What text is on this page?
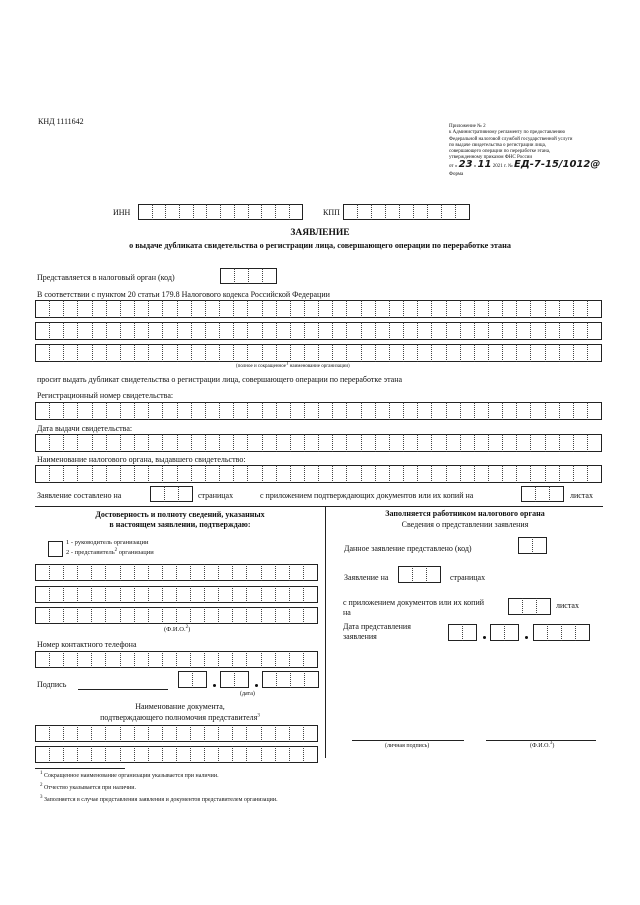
КНД 1111642
Приложение № 2
к Административному регламенту по предоставлению
Федеральной налоговой службой государственной услуги
по выдаче свидетельства о регистрации лица,
совершающего операции по переработке этана,
утвержденному приказом ФНС России
от « 23 » 11 2021 г. № ЕД-7-15/1012@
Форма
ИНН	КПП
ЗАЯВЛЕНИЕ
о выдаче дубликата свидетельства о регистрации лица, совершающего операции по переработке этана
Представляется в налоговый орган (код)
В соответствии с пунктом 20 статьи 179.8 Налогового кодекса Российской Федерации
(полное и сокращенное$^1$ наименование организации)
просит выдать дубликат свидетельства о регистрации лица, совершающего операции по переработке этана
Регистрационный номер свидетельства:
Дата выдачи свидетельства:
Наименование налогового органа, выдавшего свидетельство:
Заявление составлено на	страницах	с приложением подтверждающих документов или их копий на	листах
Достоверность и полноту сведений, указанных
в настоящем заявлении, подтверждаю:
1 - руководитель организации
2 - представитель$^2$ организации
(Ф.И.О.$^2$)
Номер контактного телефона
Подпись
(дата)
Наименование документа,
подтверждающего полномочия представителя$^3$
Заполняется работником налогового органа
Сведения о представлении заявления
Данное заявление представлено (код)
Заявление на	страницах
с приложением документов или их копий
на
листах
Дата представления
заявления
(личная подпись)	(Ф.И.О.$^3$)
$^1$ Сокращенное наименование организации указывается при наличии.
$^2$ Отчество указывается при наличии.
$^3$ Заполняется в случае представления заявления и документов представителем организации.
